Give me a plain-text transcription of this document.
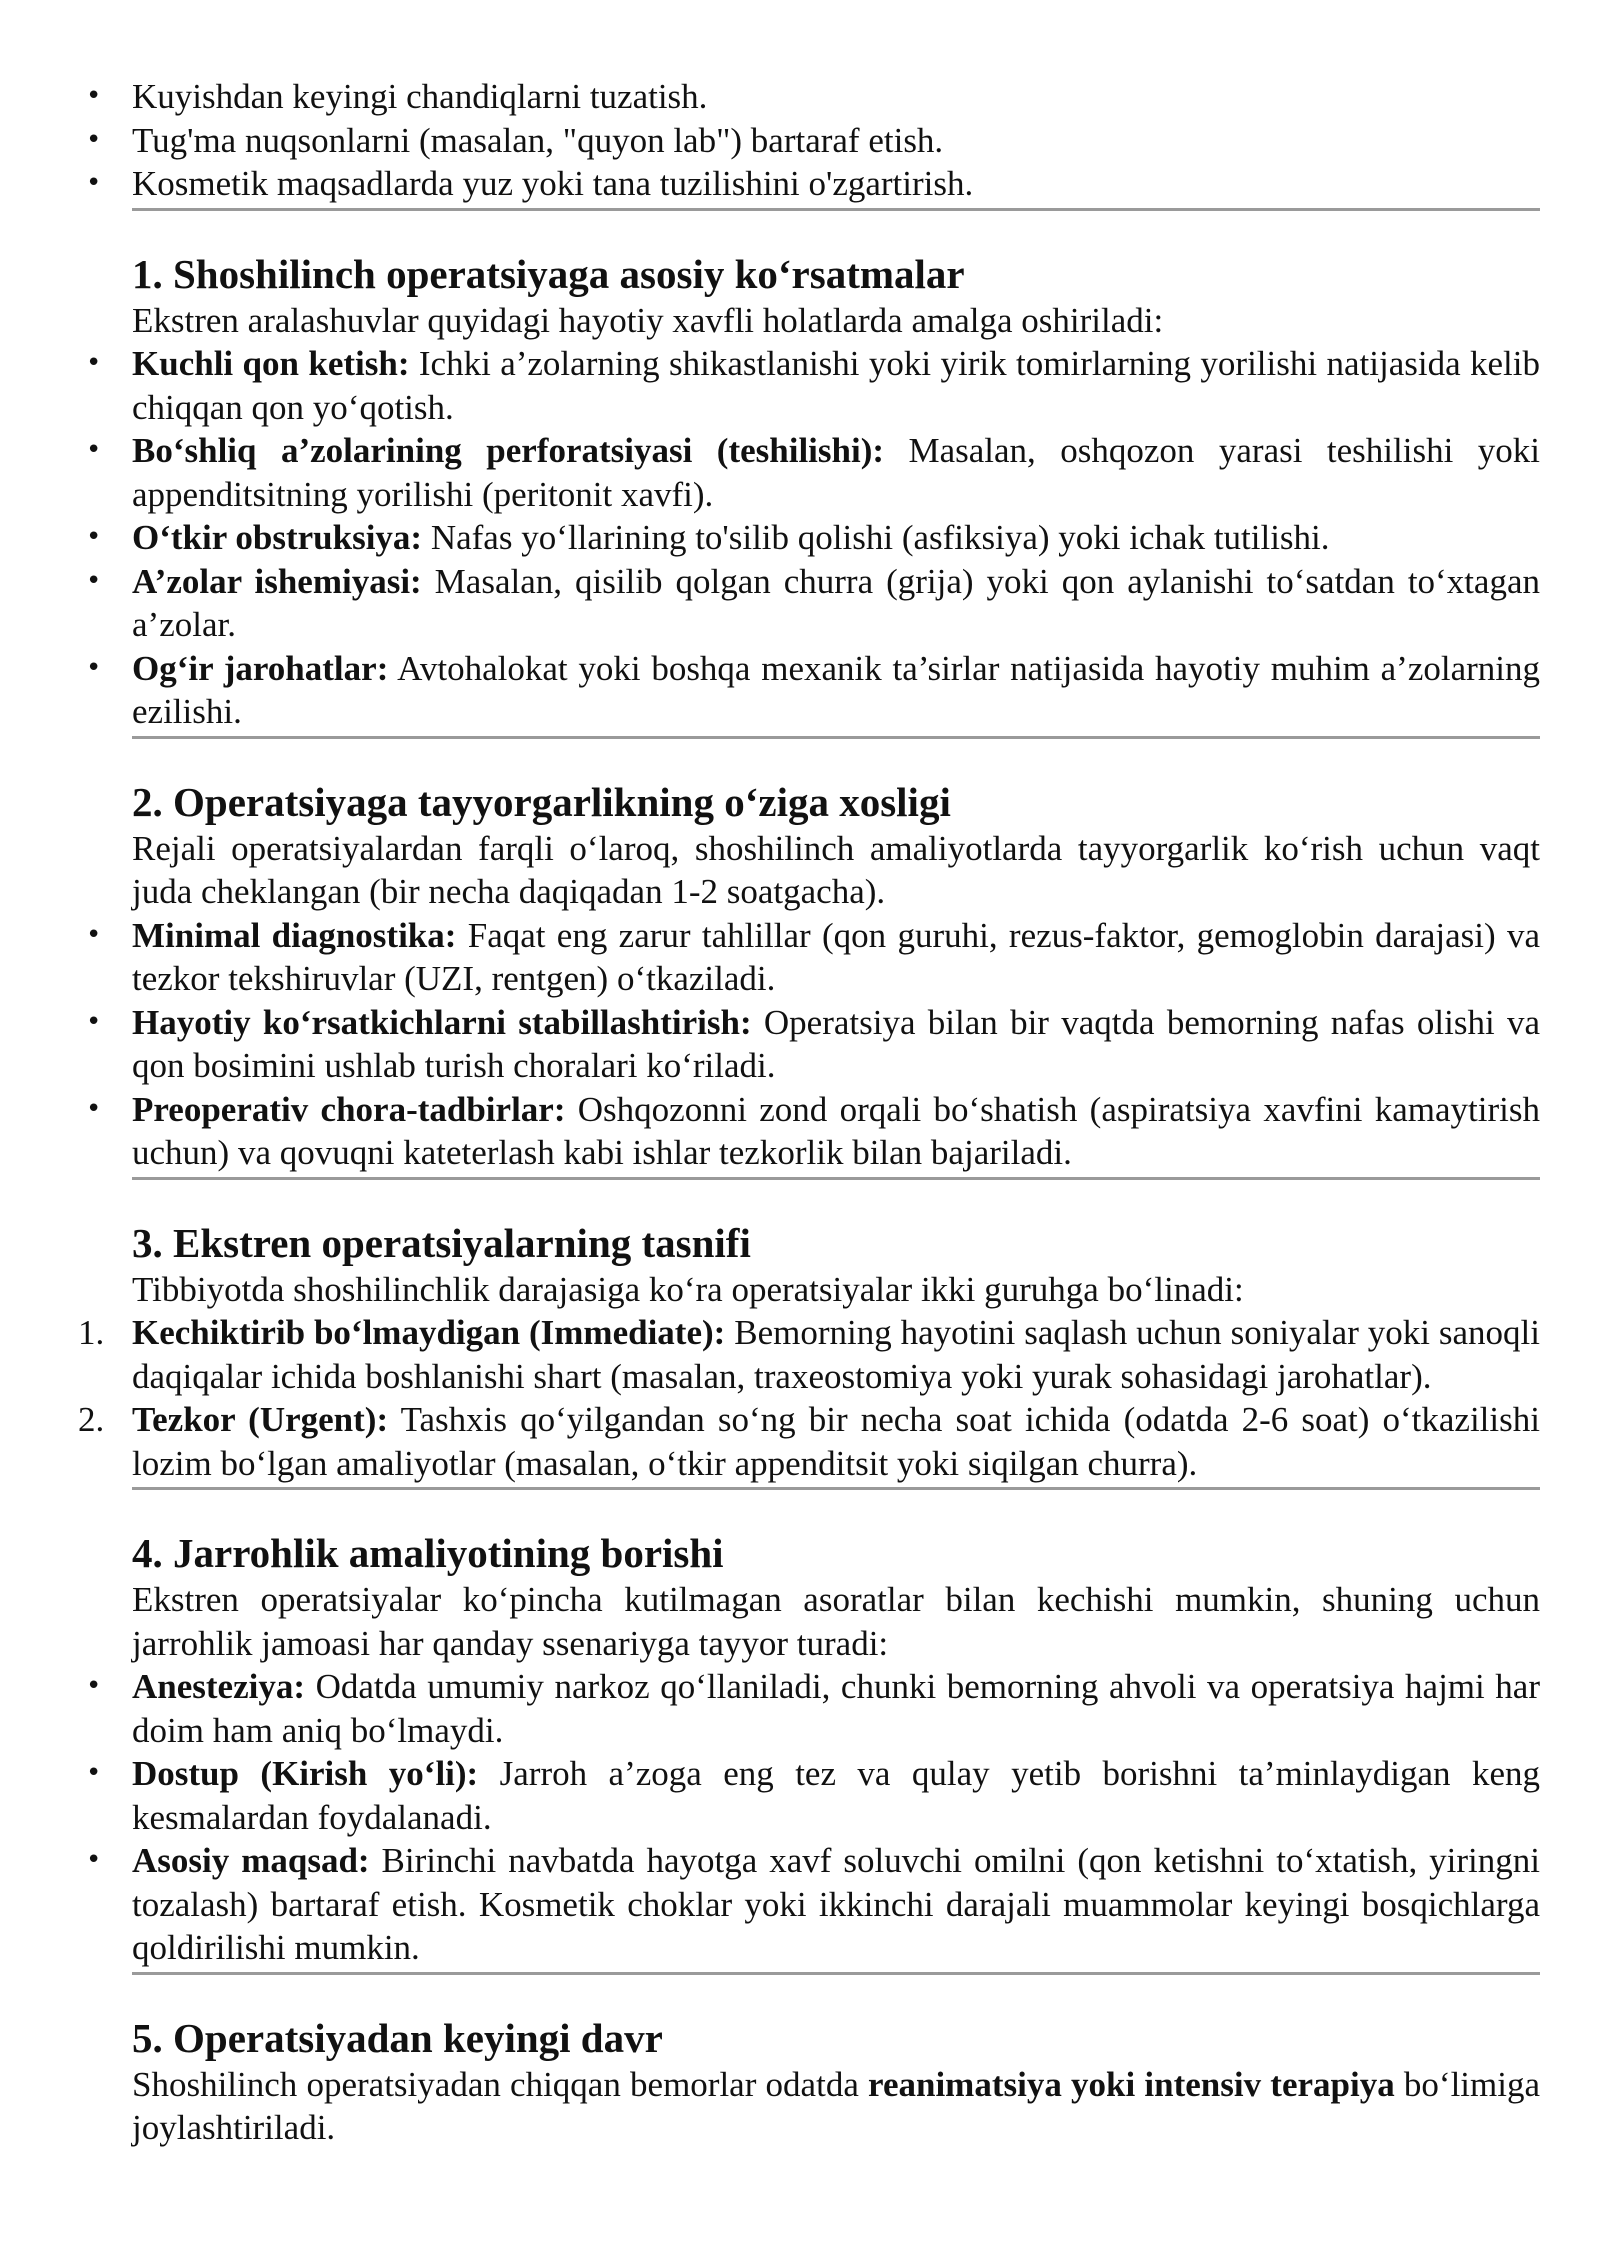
• Kuyishdan keyingi chandiqlarni tuzatish.
• Tug'ma nuqsonlarni (masalan, "quyon lab") bartaraf etish.
• Kosmetik maqsadlarda yuz yoki tana tuzilishini o'zgartirish.
1. Shoshilinch operatsiyaga asosiy ko‘rsatmalar

Ekstren aralashuvlar quyidagi hayotiy xavfli holatlarda amalga oshiriladi:

• Kuchli qon ketish: Ichki a’zolarning shikastlanishi yoki yirik tomirlarning yorilishi natijasida kelib chiqqan qon yo‘qotish.
• Bo‘shliq a’zolarining perforatsiyasi (teshilishi): Masalan, oshqozon yarasi teshilishi yoki appenditsitning yorilishi (peritonit xavfi).
• O‘tkir obstruksiya: Nafas yo‘llarining to'silib qolishi (asfiksiya) yoki ichak tutilishi.
• A’zolar ishemiyasi: Masalan, qisilib qolgan churra (grija) yoki qon aylanishi to‘satdan to‘xtagan a’zolar.
• Og‘ir jarohatlar: Avtohalokat yoki boshqa mexanik ta’sirlar natijasida hayotiy muhim a’zolarning ezilishi.
2. Operatsiyaga tayyorgarlikning o‘ziga xosligi

Rejali operatsiyalardan farqli o‘laroq, shoshilinch amaliyotlarda tayyorgarlik ko‘rish uchun vaqt juda cheklangan (bir necha daqiqadan 1-2 soatgacha).

• Minimal diagnostika: Faqat eng zarur tahlillar (qon guruhi, rezus-faktor, gemoglobin darajasi) va tezkor tekshiruvlar (UZI, rentgen) o‘tkaziladi.
• Hayotiy ko‘rsatkichlarni stabillashtirish: Operatsiya bilan bir vaqtda bemorning nafas olishi va qon bosimini ushlab turish choralari ko‘riladi.
• Preoperativ chora-tadbirlar: Oshqozonni zond orqali bo‘shatish (aspiratsiya xavfini kamaytirish uchun) va qovuqni kateterlash kabi ishlar tezkorlik bilan bajariladi.
3. Ekstren operatsiyalarning tasnifi

Tibbiyotda shoshilinchlik darajasiga ko‘ra operatsiyalar ikki guruhga bo‘linadi:

1. Kechiktirib bo‘lmaydigan (Immediate): Bemorning hayotini saqlash uchun soniyalar yoki sanoqli daqiqalar ichida boshlanishi shart (masalan, traxeostomiya yoki yurak sohasidagi jarohatlar).
2. Tezkor (Urgent): Tashxis qo‘yilgandan so‘ng bir necha soat ichida (odatda 2-6 soat) o‘tkazilishi lozim bo‘lgan amaliyotlar (masalan, o‘tkir appenditsit yoki siqilgan churra).
4. Jarrohlik amaliyotining borishi

Ekstren operatsiyalar ko‘pincha kutilmagan asoratlar bilan kechishi mumkin, shuning uchun jarrohlik jamoasi har qanday ssenariyga tayyor turadi:

• Anesteziya: Odatda umumiy narkoz qo‘llaniladi, chunki bemorning ahvoli va operatsiya hajmi har doim ham aniq bo‘lmaydi.
• Dostup (Kirish yo‘li): Jarroh a’zoga eng tez va qulay yetib borishni ta’minlaydigan keng kesmalardan foydalanadi.
• Asosiy maqsad: Birinchi navbatda hayotga xavf soluvchi omilni (qon ketishni to‘xtatish, yiringni tozalash) bartaraf etish. Kosmetik choklar yoki ikkinchi darajali muammolar keyingi bosqichlarga qoldirilishi mumkin.
5. Operatsiyadan keyingi davr

Shoshilinch operatsiyadan chiqqan bemorlar odatda reanimatsiya yoki intensiv terapiya bo‘limiga joylashtiriladi.
